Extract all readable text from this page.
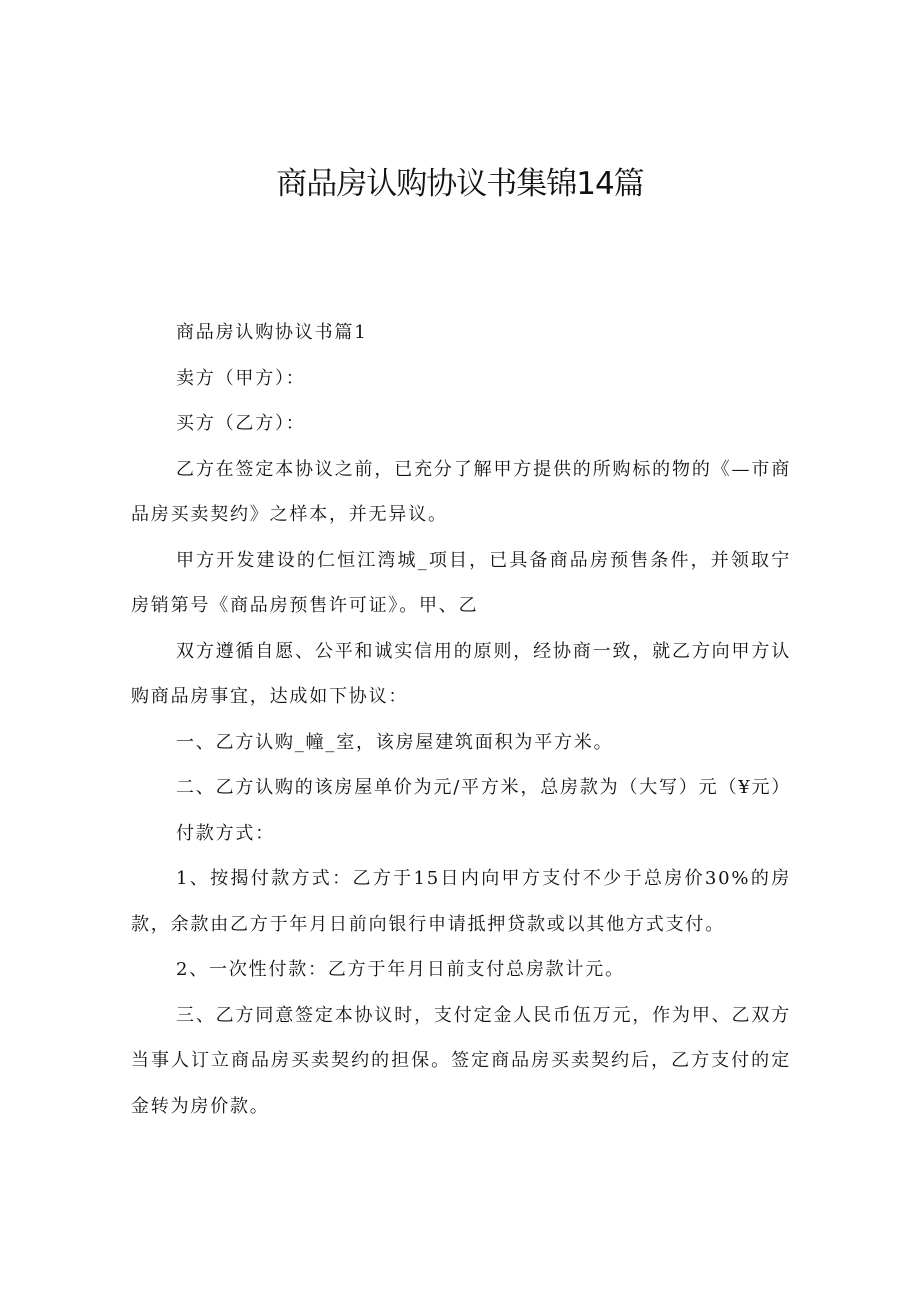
商品房认购协议书集锦14篇

商品房认购协议书篇1

卖方（甲方）：

买方（乙方）：

乙方在签定本协议之前，已充分了解甲方提供的所购标的物的《—市商品房买卖契约》之样本，并无异议。

甲方开发建设的仁恒江湾城_项目，已具备商品房预售条件，并领取宁房销第号《商品房预售许可证》。甲、乙

双方遵循自愿、公平和诚实信用的原则，经协商一致，就乙方向甲方认购商品房事宜，达成如下协议：

一、乙方认购_幢_室，该房屋建筑面积为平方米。

二、乙方认购的该房屋单价为元/平方米，总房款为（大写）元（¥元）

付款方式：

1、按揭付款方式：乙方于15日内向甲方支付不少于总房价30%的房款，余款由乙方于年月日前向银行申请抵押贷款或以其他方式支付。

2、一次性付款：乙方于年月日前支付总房款计元。

三、乙方同意签定本协议时，支付定金人民币伍万元，作为甲、乙双方当事人订立商品房买卖契约的担保。签定商品房买卖契约后，乙方支付的定金转为房价款。
